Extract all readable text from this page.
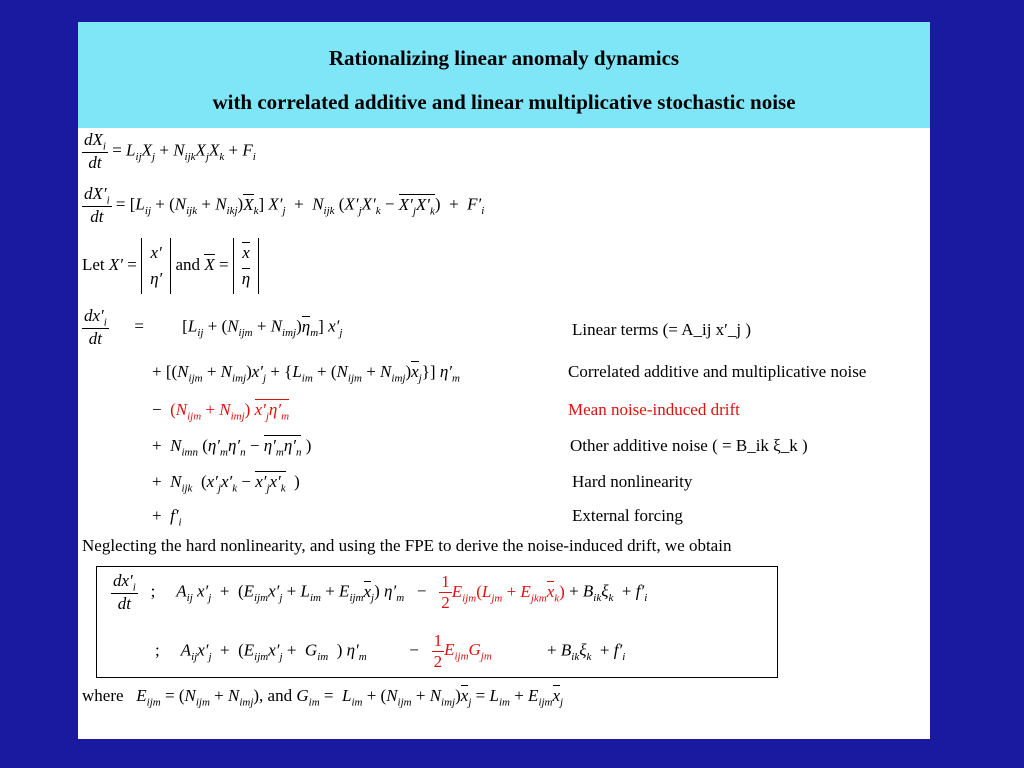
Rationalizing linear anomaly dynamics
with correlated additive and linear multiplicative stochastic noise
$\frac{dX_i}{dt} = L_{ij}X_j + N_{ijk}X_jX_k + F_i$
$\frac{dX'_i}{dt} = [L_{ij} + (N_{ijk} + N_{ikj})X_k] X'_j + N_{ijk}$ $(X'_jX'_k - X'_jX'_k) + F'_i$
Let X′ = x′
η′ and $X = \frac{x}{\eta}$
$\frac{dx'_i}{dt} = [L_{ij} + (N_{ijm} + N_{imj})\eta_m]$ $x'_j$	Linear terms (= A_ij x′_j )
+ $[(N_{ijm} + N_{imj})x'_j + \{L_{im} + (N_{ijm} + N_{imj})x_j\}]$ $\eta'_m$	Correlated additive and multiplicative noise
− $(N_{ijm} + N_{imj})$ $x'_j\eta'_m$	Mean noise-induced drift
+  $N_{imn}$ ($\eta'_m\eta'_n - \eta'_m\eta'_n$ )	Other additive noise ( = B_ik ξ_k )
+  $N_{ijk}$ ($x'_jx'_k - x'_jx'_k$ )	Hard nonlinearity
+  $f'_i$	External forcing
Neglecting the hard nonlinearity, and using the FPE to derive the noise-induced drift, we obtain
$\frac{dx'_i}{dt}$ ;     $A_{ij}$ $x'_j + (E_{ijm}x'_j + L_{im} + E_{ijm}x_j) \eta'_m - \frac{1}{2} E_{ijm}(L_{jm} + E_{jkm}x_k) + B_{ik}\xi_k + f'_i$
;     $A_{ij}x'_j + (E_{ijm}x'_j + G_{im}$ ) $\eta'_m$	− $\frac{1}{2} E_{ijm}G_{jm}$	+ $B_{ik}\xi_k + f'_i$
where   $E_{ijm} = (N_{ijm} + N_{imj})$, and $G_{im} = L_{im} + (N_{ijm} + N_{imj})x_j = L_{im} + E_{ijm}x_j$
